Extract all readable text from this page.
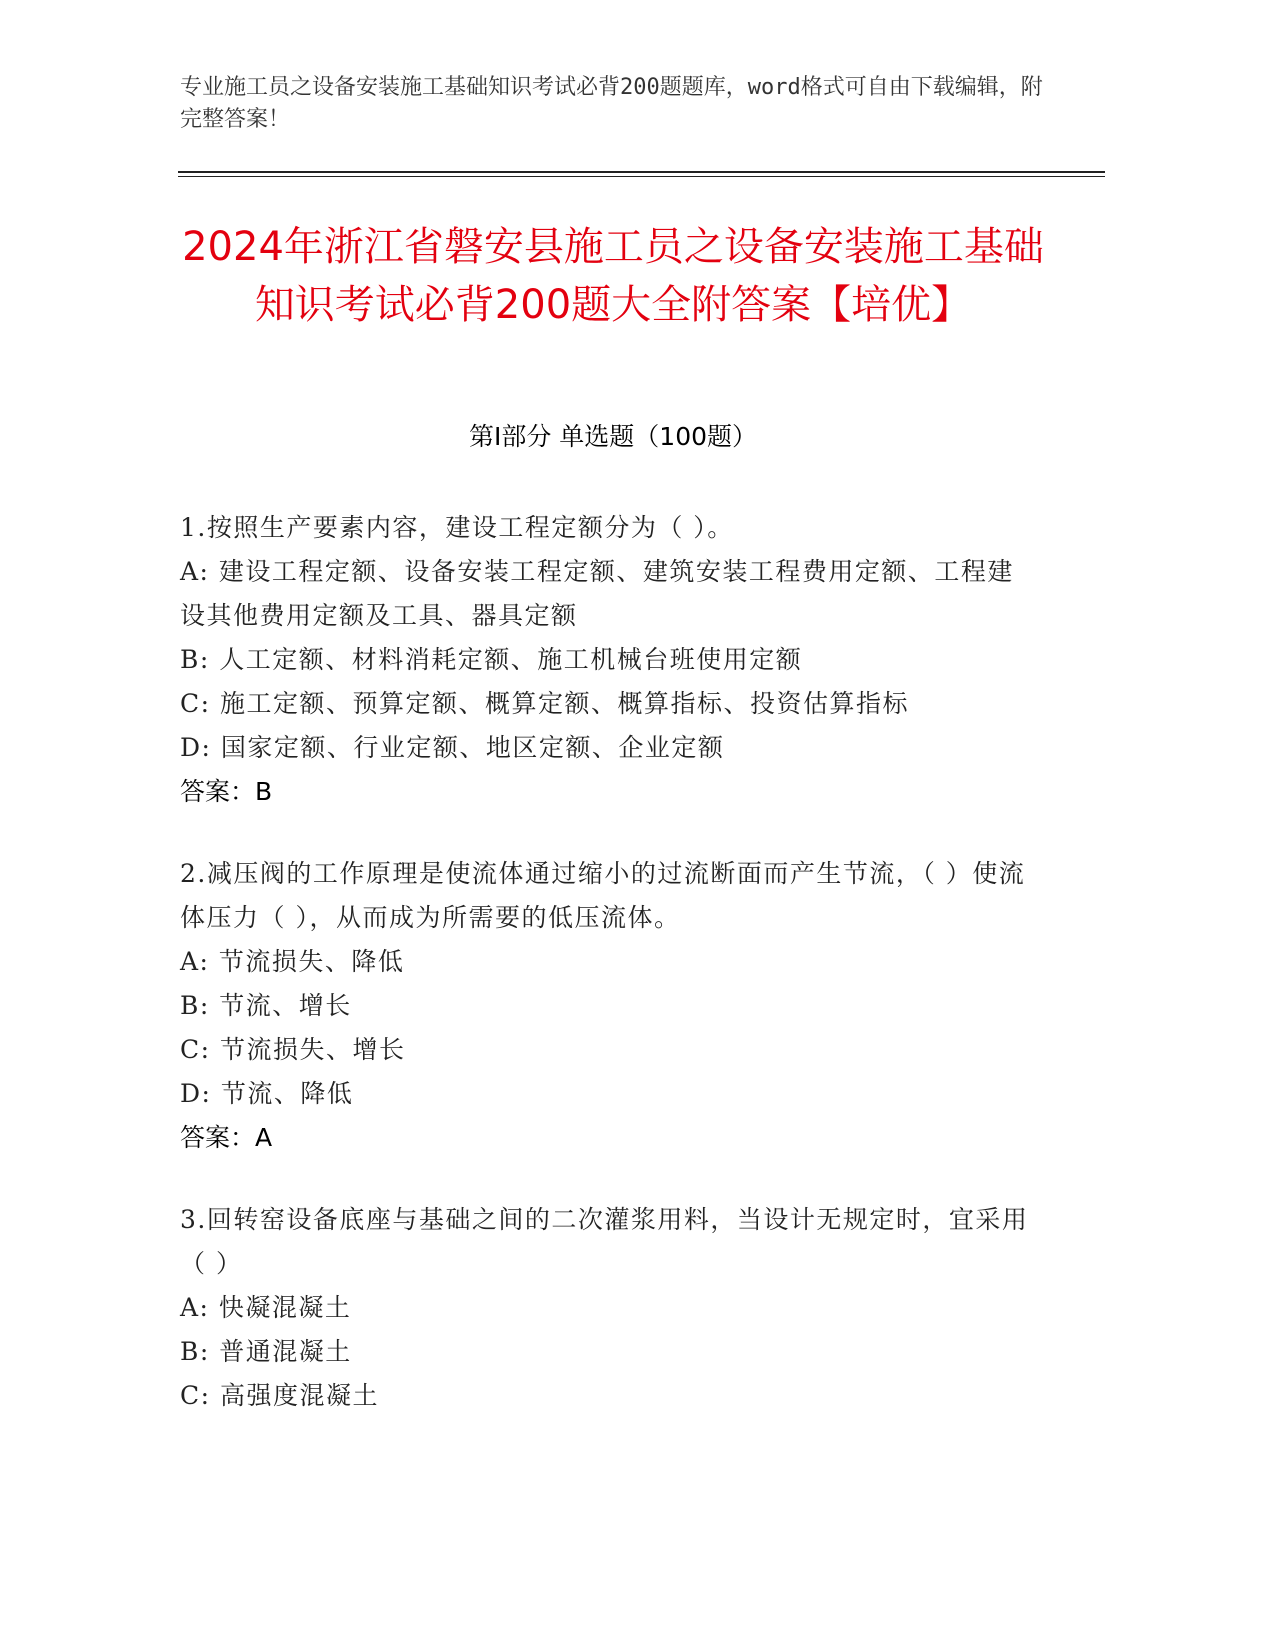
专业施工员之设备安装施工基础知识考试必背200题题库，word格式可自由下载编辑，附完整答案！
2024年浙江省磐安县施工员之设备安装施工基础知识考试必背200题大全附答案【培优】
第I部分 单选题（100题）
1.按照生产要素内容，建设工程定额分为（ ）。
A: 建设工程定额、设备安装工程定额、建筑安装工程费用定额、工程建设其他费用定额及工具、器具定额
B: 人工定额、材料消耗定额、施工机械台班使用定额
C: 施工定额、预算定额、概算定额、概算指标、投资估算指标
D: 国家定额、行业定额、地区定额、企业定额
答案：B
2.减压阀的工作原理是使流体通过缩小的过流断面而产生节流，（ ）使流体压力（ ），从而成为所需要的低压流体。
A: 节流损失、降低
B: 节流、增长
C: 节流损失、增长
D: 节流、降低
答案：A
3.回转窑设备底座与基础之间的二次灌浆用料，当设计无规定时，宜采用（ ）
A: 快凝混凝土
B: 普通混凝土
C: 高强度混凝土
